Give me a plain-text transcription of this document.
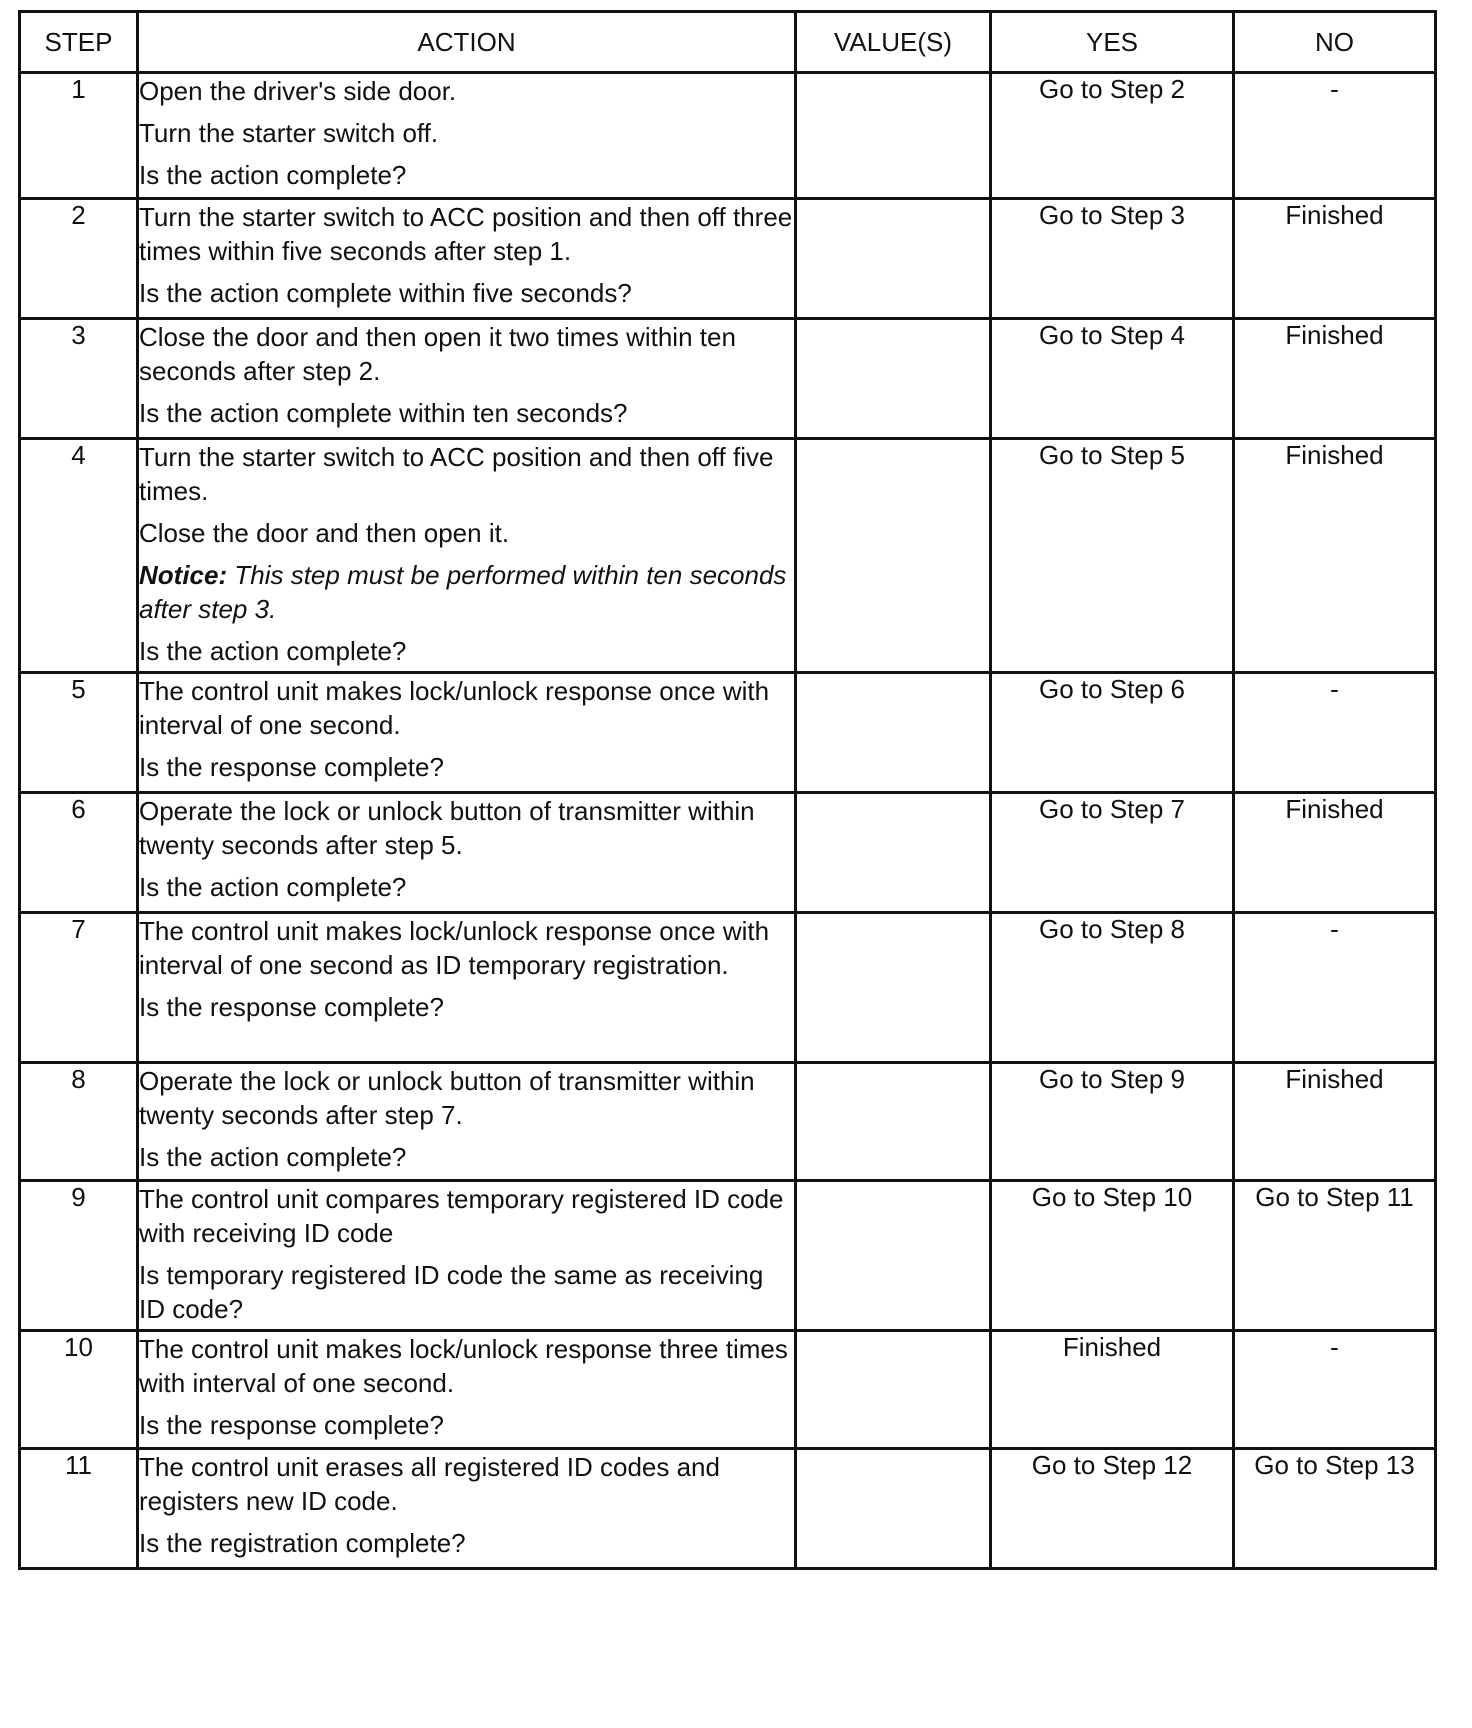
STEP	ACTION	VALUE(S)	YES	NO
1	Open the driver's side door.

Turn the starter switch off.

Is the action complete?		Go to Step 2	-
2	Turn the starter switch to ACC position and then off three times within five seconds after step 1.

Is the action complete within five seconds?		Go to Step 3	Finished
3	Close the door and then open it two times within ten seconds after step 2.

Is the action complete within ten seconds?		Go to Step 4	Finished
4	Turn the starter switch to ACC position and then off five times.

Close the door and then open it.

Notice: This step must be performed within ten seconds after step 3.

Is the action complete?		Go to Step 5	Finished
5	The control unit makes lock/unlock response once with interval of one second.

Is the response complete?		Go to Step 6	-
6	Operate the lock or unlock button of transmitter within twenty seconds after step 5.

Is the action complete?		Go to Step 7	Finished
7	The control unit makes lock/unlock response once with interval of one second as ID temporary registration.

Is the response complete?		Go to Step 8	-
8	Operate the lock or unlock button of transmitter within twenty seconds after step 7.

Is the action complete?		Go to Step 9	Finished
9	The control unit compares temporary registered ID code with receiving ID code

Is temporary registered ID code the same as receiving ID code?		Go to Step 10	Go to Step 11
10	The control unit makes lock/unlock response three times with interval of one second.

Is the response complete?		Finished	-
11	The control unit erases all registered ID codes and registers new ID code.

Is the registration complete?		Go to Step 12	Go to Step 13
